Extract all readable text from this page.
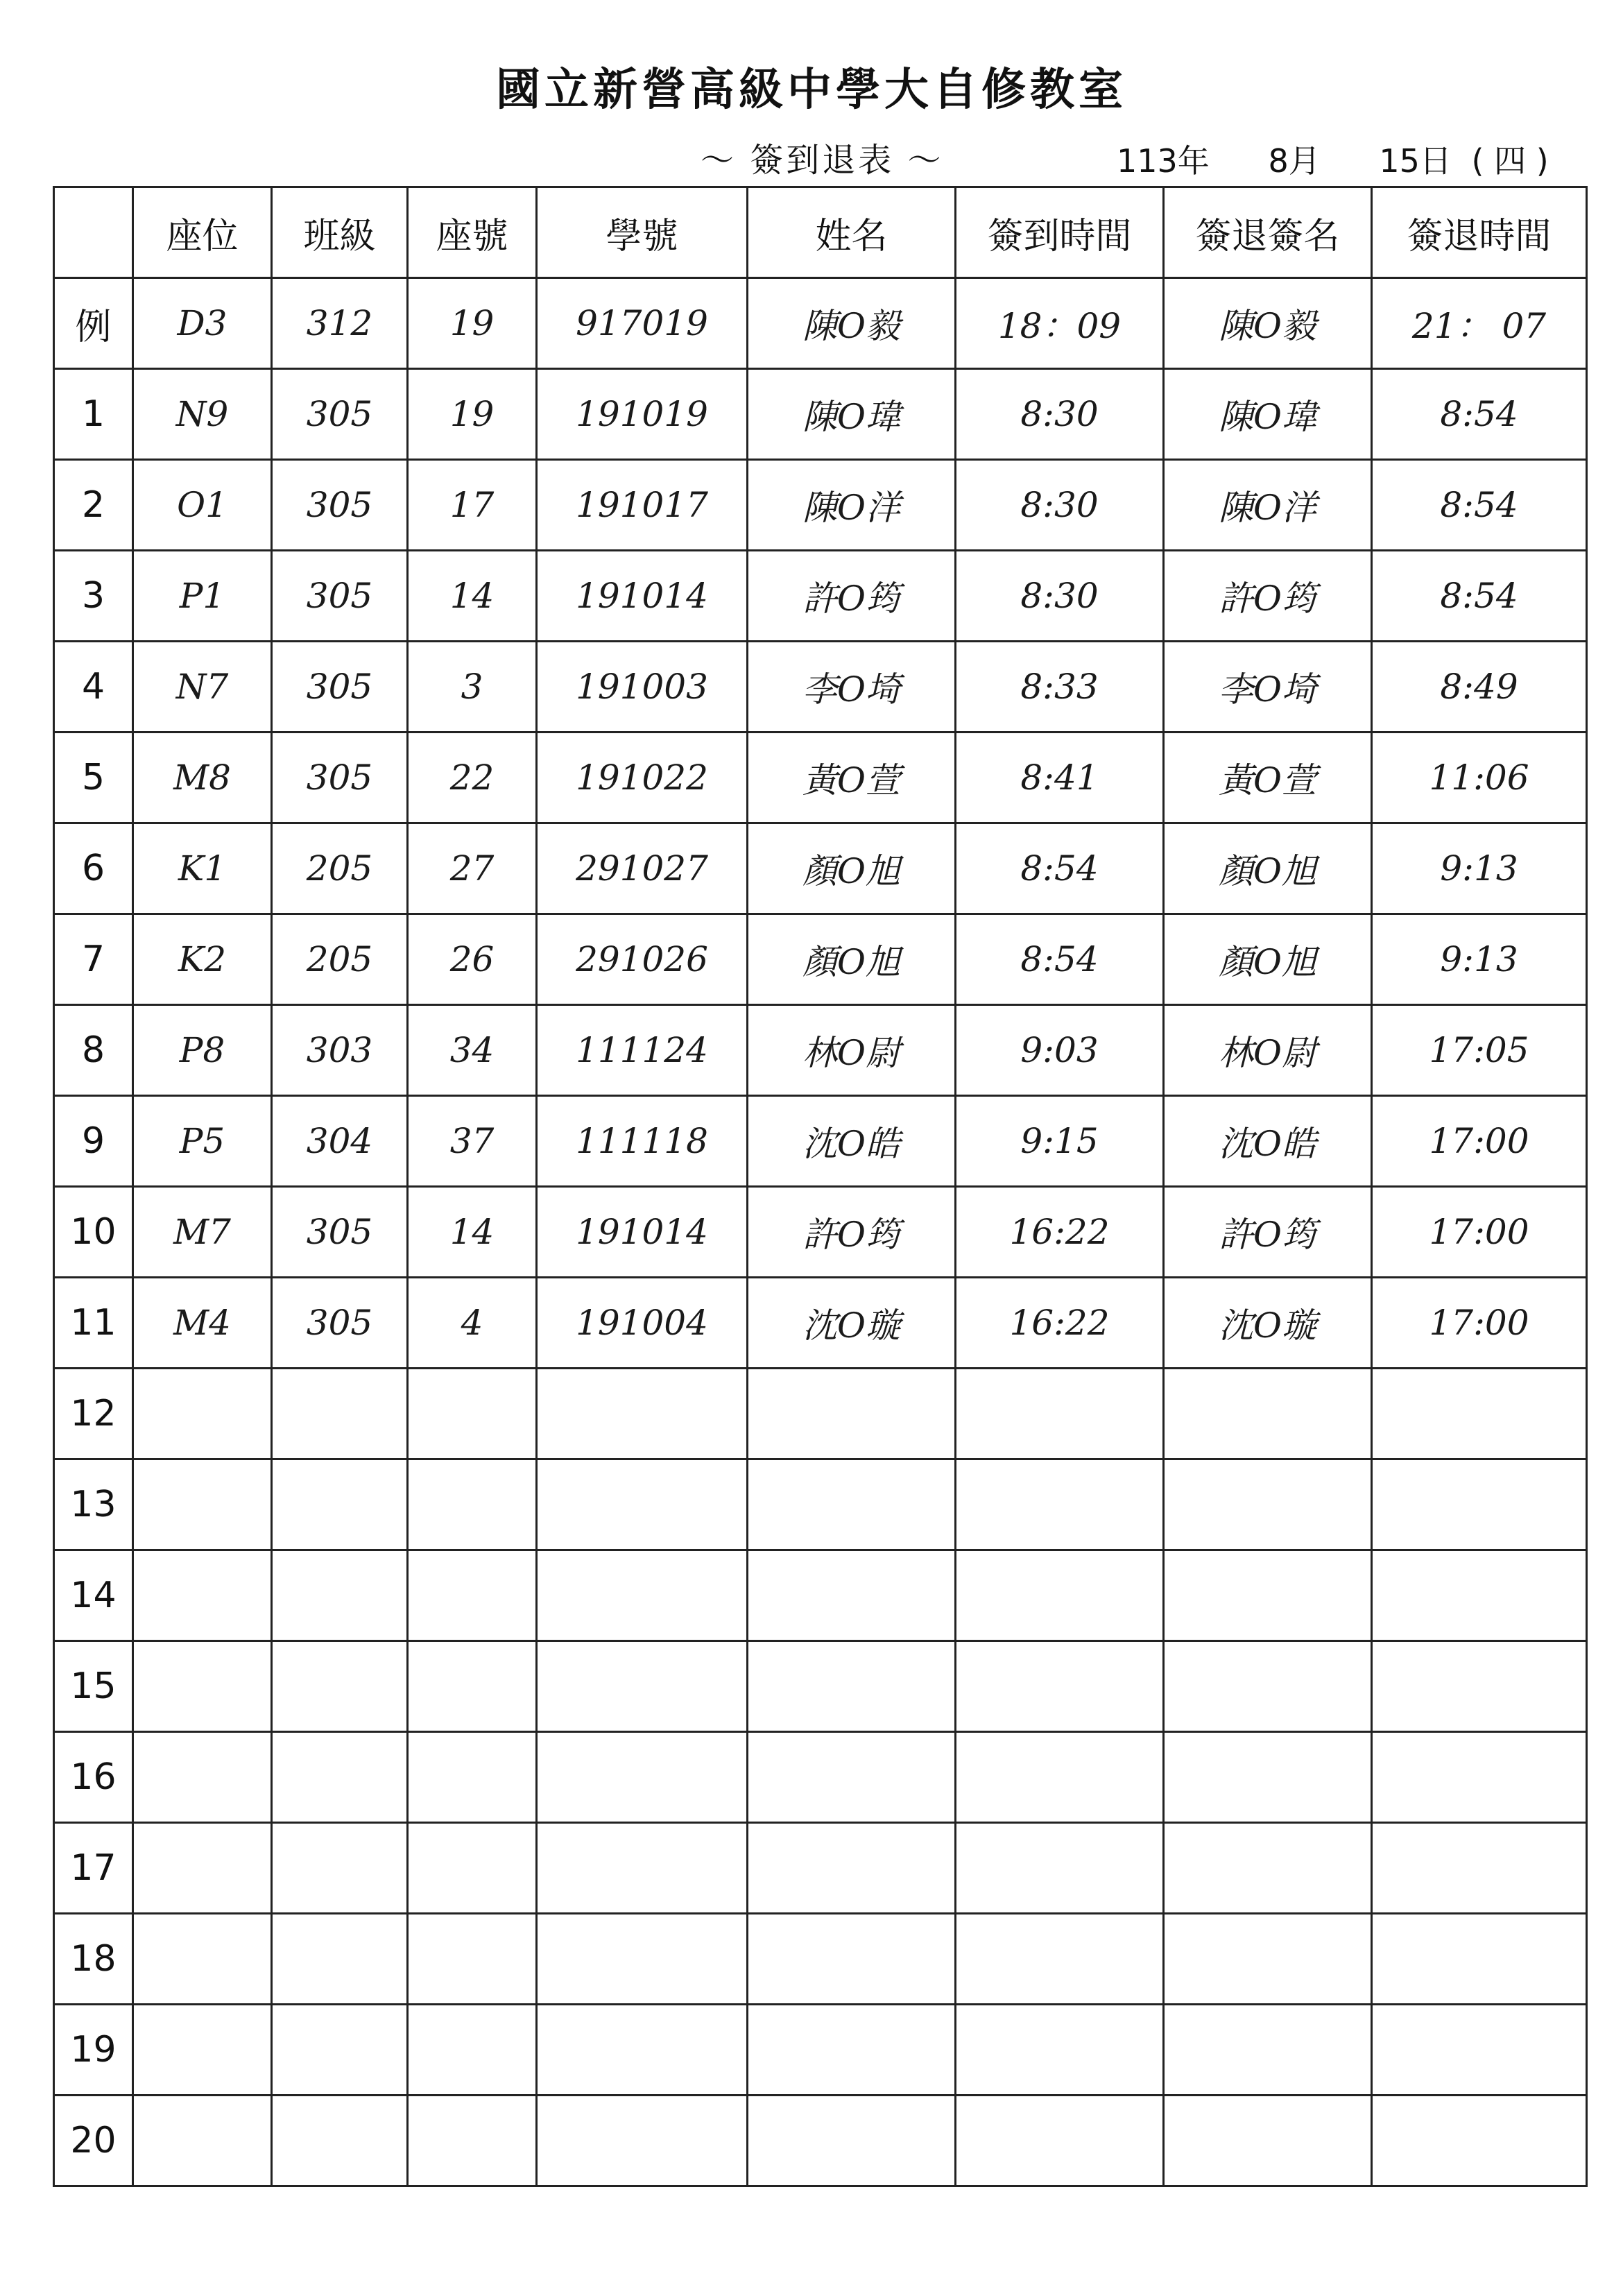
國立新營高級中學大自修教室
～ 簽到退表 ～	113年 8月 15日 ( 四 )
	座位	班級	座號	學號	姓名	簽到時間	簽退簽名	簽退時間
例	D3	312	19	917019	陳O毅	18：09	陳O毅	21： 07
1	N9	305	19	191019	陳O瑋	8:30	陳O瑋	8:54
2	O1	305	17	191017	陳O洋	8:30	陳O洋	8:54
3	P1	305	14	191014	許O筠	8:30	許O筠	8:54
4	N7	305	3	191003	李O埼	8:33	李O埼	8:49
5	M8	305	22	191022	黃O萱	8:41	黃O萱	11:06
6	K1	205	27	291027	顏O旭	8:54	顏O旭	9:13
7	K2	205	26	291026	顏O旭	8:54	顏O旭	9:13
8	P8	303	34	111124	林O尉	9:03	林O尉	17:05
9	P5	304	37	111118	沈O皓	9:15	沈O皓	17:00
10	M7	305	14	191014	許O筠	16:22	許O筠	17:00
11	M4	305	4	191004	沈O璇	16:22	沈O璇	17:00
12								
13								
14								
15								
16								
17								
18								
19								
20								
